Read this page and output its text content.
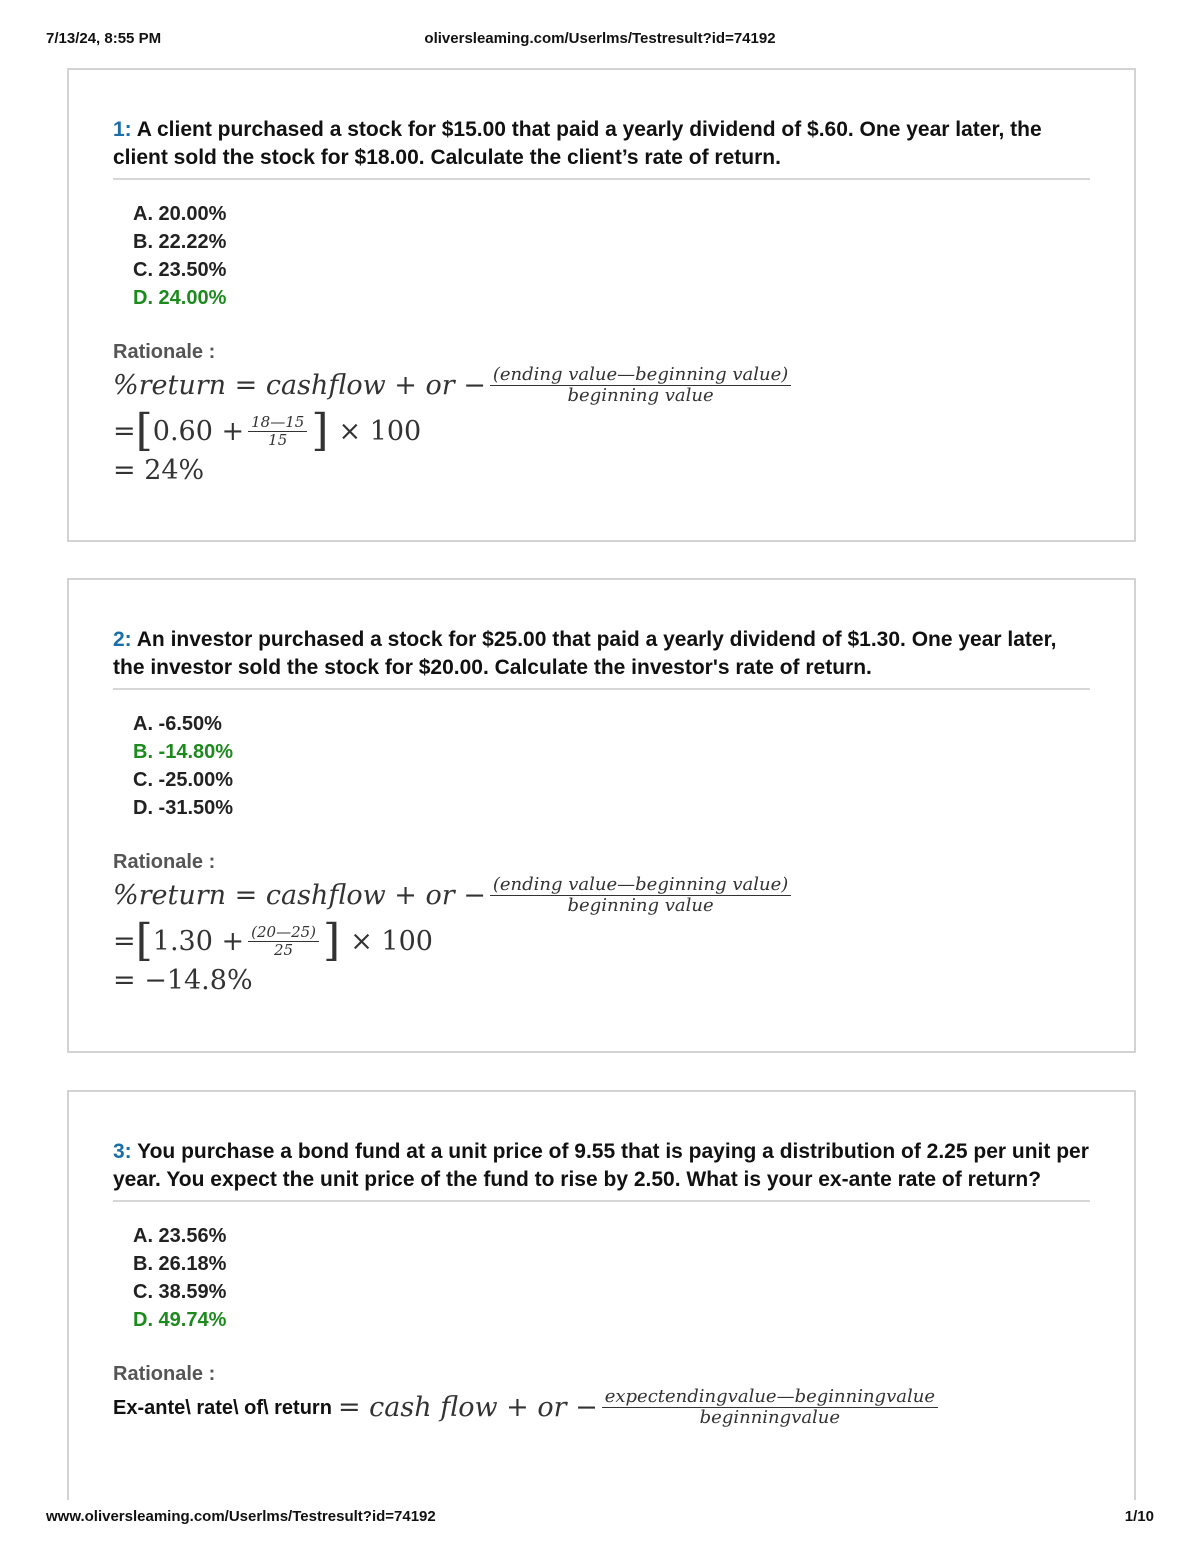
7/13/24, 8:55 PM	oliversleaming.com/Userlms/Testresult?id=74192
1: A client purchased a stock for $15.00 that paid a yearly dividend of $.60. One year later, the client sold the stock for $18.00. Calculate the client’s rate of return.
A. 20.00%
B. 22.22%
C. 23.50%
D. 24.00%
Rationale :
%return = cashflow + or − $\frac{\text{(ending value—beginning value)}}{\text{beginning value}}$
= [ $0.60 + \frac{18—15}{15}$ ] × 100
= 24%
2: An investor purchased a stock for $25.00 that paid a yearly dividend of $1.30. One year later, the investor sold the stock for $20.00. Calculate the investor's rate of return.
A. -6.50%
B. -14.80%
C. -25.00%
D. -31.50%
Rationale :
%return = cashflow + or − $\frac{\text{(ending value—beginning value)}}{\text{beginning value}}$
= [ $1.30 + \frac{(20—25)}{25}$ ] × 100
= −14.8%
3: You purchase a bond fund at a unit price of 9.55 that is paying a distribution of 2.25 per unit per year. You expect the unit price of the fund to rise by 2.50. What is your ex-ante rate of return?
A. 23.56%
B. 26.18%
C. 38.59%
D. 49.74%
Rationale :
Ex-ante\ rate\ of\ return = cash flow + or − $\frac{\text{expectendingvalue—beginningvalue}}{\text{beginningvalue}}$
www.oliversleaming.com/Userlms/Testresult?id=74192	1/10
